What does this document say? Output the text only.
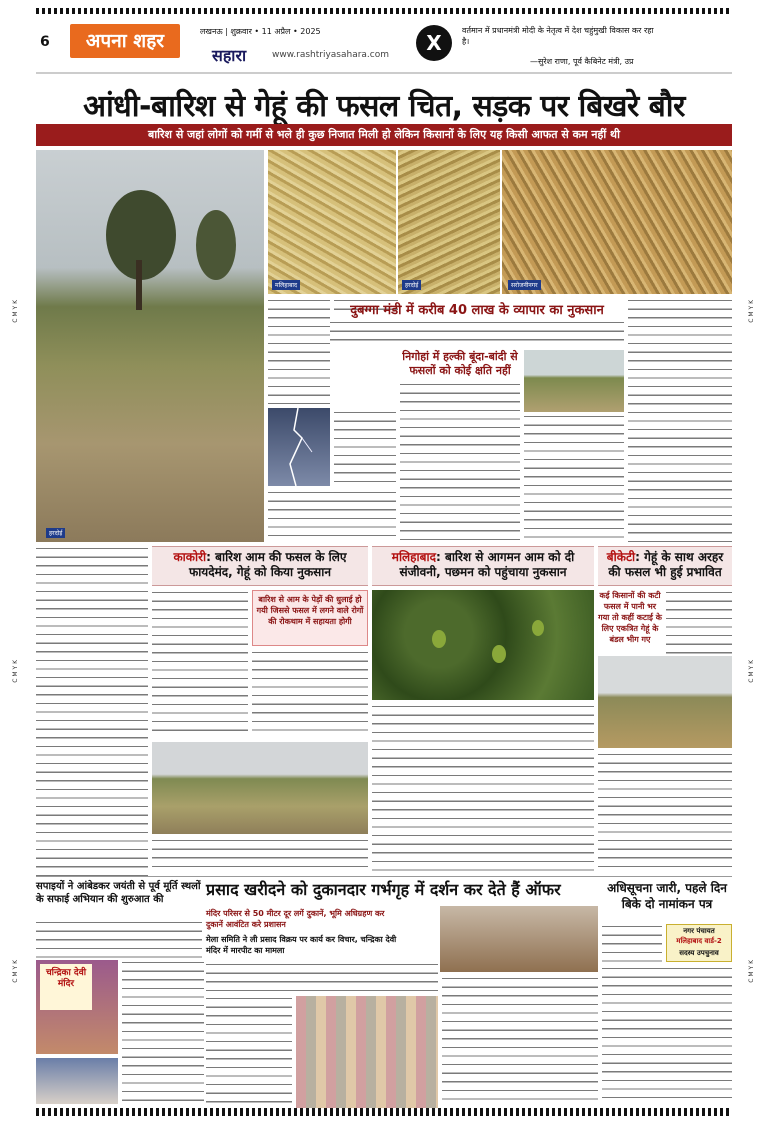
6	अपना शहर	लखनऊ | शुक्रवार • 11 अप्रैल • 2025
सहारा	www.rashtriyasahara.com	X
वर्तमान में प्रधानमंत्री मोदी के नेतृत्व में देश चहुंमुखी विकास कर रहा है।
—सुरेश राणा, पूर्व कैबिनेट मंत्री, उप्र
आंधी-बारिश से गेहूं की फसल चित, सड़क पर बिखरे बौर
बारिश से जहां लोगों को गर्मी से भले ही कुछ निजात मिली हो लेकिन किसानों के लिए यह किसी आफत से कम नहीं थी
हरदोई
मलिहाबाद	हरदोई	सरोजनीनगर
दुबग्गा मंडी में करीब 40 लाख के व्यापार का नुकसान
निगोहां में हल्की बूंदा-बांदी से फसलों को कोई क्षति नहीं
काकोरी: बारिश आम की फसल के लिए फायदेमंद, गेहूं को किया नुकसान
मलिहाबाद: बारिश से आगमन आम को दी संजीवनी, पछमन को पहुंचाया नुकसान
बीकेटी: गेहूं के साथ अरहर की फसल भी हुई प्रभावित
बारिश से आम के पेड़ों की धुलाई हो गयी जिससे फसल में लगने वाले रोगों की रोकथाम में सहायता होगी
कई किसानों की कटी फसल में पानी भर गया तो कहीं कटाई के लिए एकत्रित गेहूं के बंडल भीग गए
सपाइयों ने आंबेडकर जयंती से पूर्व मूर्ति स्थलों के सफाई अभियान की शुरुआत की
चन्द्रिका देवी मंदिर
प्रसाद खरीदने को दुकानदार गर्भगृह में दर्शन कर देते हैं ऑफर
मंदिर परिसर से 50 मीटर दूर लगें दुकानें, भूमि अधिग्रहण कर दुकानें आवंटित करे प्रशासन
मेला समिति ने ली प्रसाद विक्रय पर कार्य कर विचार, चन्द्रिका देवी मंदिर में मारपीट का मामला
अधिसूचना जारी, पहले दिन बिके दो नामांकन पत्र
नगर पंचायत
मलिहाबाद वार्ड-2
सदस्य उपचुनाव
C M Y K
C M Y K
C M Y K
C M Y K
C M Y K
C M Y K
